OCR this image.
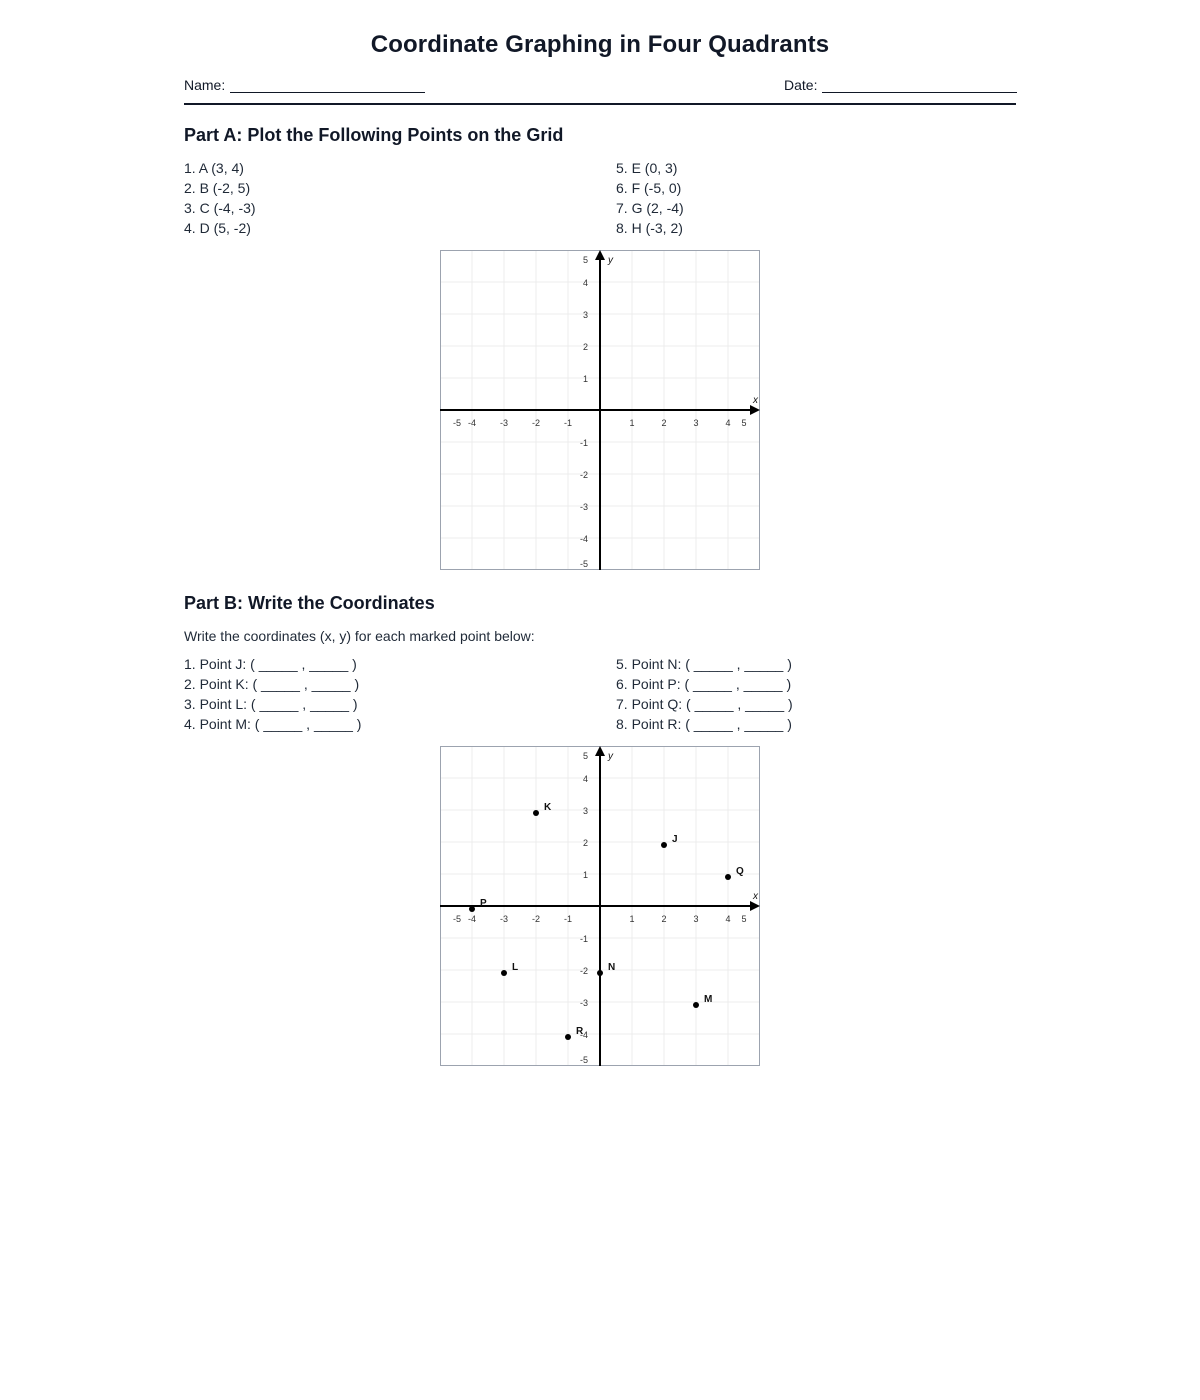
Coordinate Graphing in Four Quadrants
Name:	Date:
Part A: Plot the Following Points on the Grid
1. A (3, 4)
2. B (-2, 5)
3. C (-4, -3)
4. D (5, -2)
5. E (0, 3)
6. F (-5, 0)
7. G (2, -4)
8. H (-3, 2)
x
y
-5 -4	-3	-2	-1	1	2	3	4 5
5
4
3
2
1
-1
-2
-3
-4
-5
Part B: Write the Coordinates
Write the coordinates (x, y) for each marked point below:
1. Point J: ( _____ , _____ )
2. Point K: ( _____ , _____ )
3. Point L: ( _____ , _____ )
4. Point M: ( _____ , _____ )
5. Point N: ( _____ , _____ )
6. Point P: ( _____ , _____ )
7. Point Q: ( _____ , _____ )
8. Point R: ( _____ , _____ )
x
y
-5 -4	-3	-2	-1	1	2	3	4 5
5
4
3
2
1
-1
-2
-3
-4
-5
J
K
L
M
N
P
Q
R
